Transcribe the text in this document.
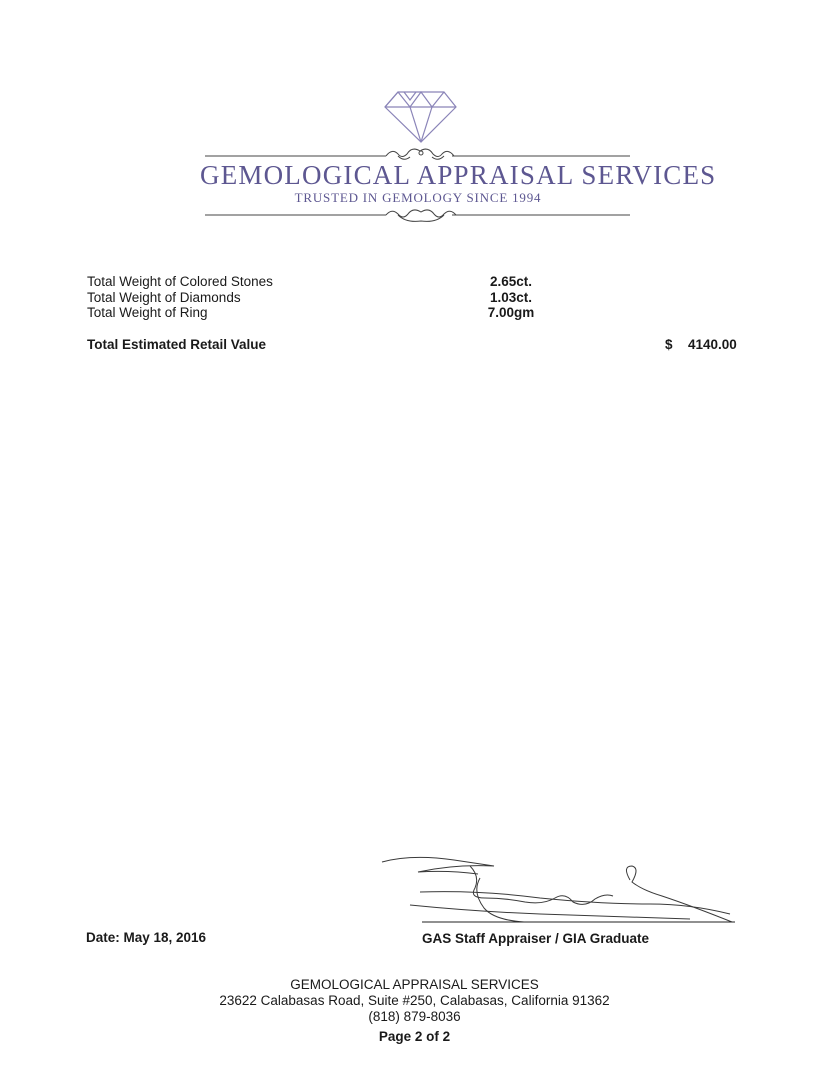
GEMOLOGICAL APPRAISAL SERVICES
TRUSTED IN GEMOLOGY SINCE 1994
Total Weight of Colored Stones	2.65ct.
Total Weight of Diamonds	1.03ct.
Total Weight of Ring	7.00gm
Total Estimated Retail Value	$ 4140.00
Date: May 18, 2016	GAS Staff Appraiser / GIA Graduate
GEMOLOGICAL APPRAISAL SERVICES
23622 Calabasas Road, Suite #250, Calabasas, California 91362
(818) 879-8036
Page 2 of 2
